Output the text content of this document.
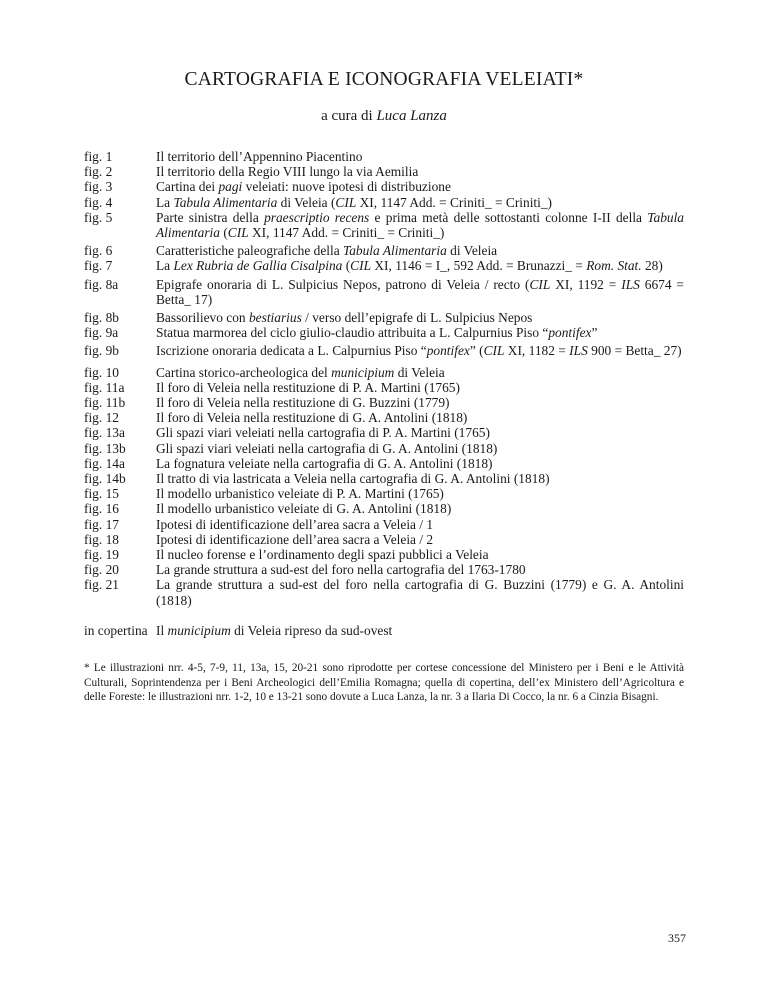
CARTOGRAFIA E ICONOGRAFIA VELEIATI*
a cura di Luca Lanza
fig. 1	Il territorio dell’Appennino Piacentino
fig. 2	Il territorio della Regio VIII lungo la via Aemilia
fig. 3	Cartina dei pagi veleiati: nuove ipotesi di distribuzione
fig. 4	La Tabula Alimentaria di Veleia (CIL XI, 1147 Add. = Criniti_ = Criniti_)
fig. 5	Parte sinistra della praescriptio recens e prima metà delle sottostanti colonne I-II della Tabula Alimentaria (CIL XI, 1147 Add. = Criniti_ = Criniti_)
fig. 6	Caratteristiche paleografiche della Tabula Alimentaria di Veleia
fig. 7	La Lex Rubria de Gallia Cisalpina (CIL XI, 1146 = I_, 592 Add. = Brunazzi_ = Rom. Stat. 28)
fig. 8a	Epigrafe onoraria di L. Sulpicius Nepos, patrono di Veleia / recto (CIL XI, 1192 = ILS 6674 = Betta_ 17)
fig. 8b	Bassorilievo con bestiarius / verso dell’epigrafe di L. Sulpicius Nepos
fig. 9a	Statua marmorea del ciclo giulio-claudio attribuita a L. Calpurnius Piso “pontifex”
fig. 9b	Iscrizione onoraria dedicata a L. Calpurnius Piso “pontifex” (CIL XI, 1182 = ILS 900 = Betta_ 27)
fig. 10	Cartina storico-archeologica del municipium di Veleia
fig. 11a	Il foro di Veleia nella restituzione di P. A. Martini (1765)
fig. 11b	Il foro di Veleia nella restituzione di G. Buzzini (1779)
fig. 12	Il foro di Veleia nella restituzione di G. A. Antolini (1818)
fig. 13a	Gli spazi viari veleiati nella cartografia di P. A. Martini (1765)
fig. 13b	Gli spazi viari veleiati nella cartografia di G. A. Antolini (1818)
fig. 14a	La fognatura veleiate nella cartografia di G. A. Antolini (1818)
fig. 14b	Il tratto di via lastricata a Veleia nella cartografia di G. A. Antolini (1818)
fig. 15	Il modello urbanistico veleiate di P. A. Martini (1765)
fig. 16	Il modello urbanistico veleiate di G. A. Antolini (1818)
fig. 17	Ipotesi di identificazione dell’area sacra a Veleia / 1
fig. 18	Ipotesi di identificazione dell’area sacra a Veleia / 2
fig. 19	Il nucleo forense e l’ordinamento degli spazi pubblici a Veleia
fig. 20	La grande struttura a sud-est del foro nella cartografia del 1763-1780
fig. 21	La grande struttura a sud-est del foro nella cartografia di G. Buzzini (1779) e G. A. Antolini (1818)
in copertina Il municipium di Veleia ripreso da sud-ovest
* Le illustrazioni nrr. 4-5, 7-9, 11, 13a, 15, 20-21 sono riprodotte per cortese concessione del Ministero per i Beni e le Attività Culturali, Soprintendenza per i Beni Archeologici dell’Emilia Romagna; quella di copertina, dell’ex Ministero dell’Agricoltura e delle Foreste: le illustrazioni nrr. 1-2, 10 e 13-21 sono dovute a Luca Lanza, la nr. 3 a Ilaria Di Cocco, la nr. 6 a Cinzia Bisagni.
357
